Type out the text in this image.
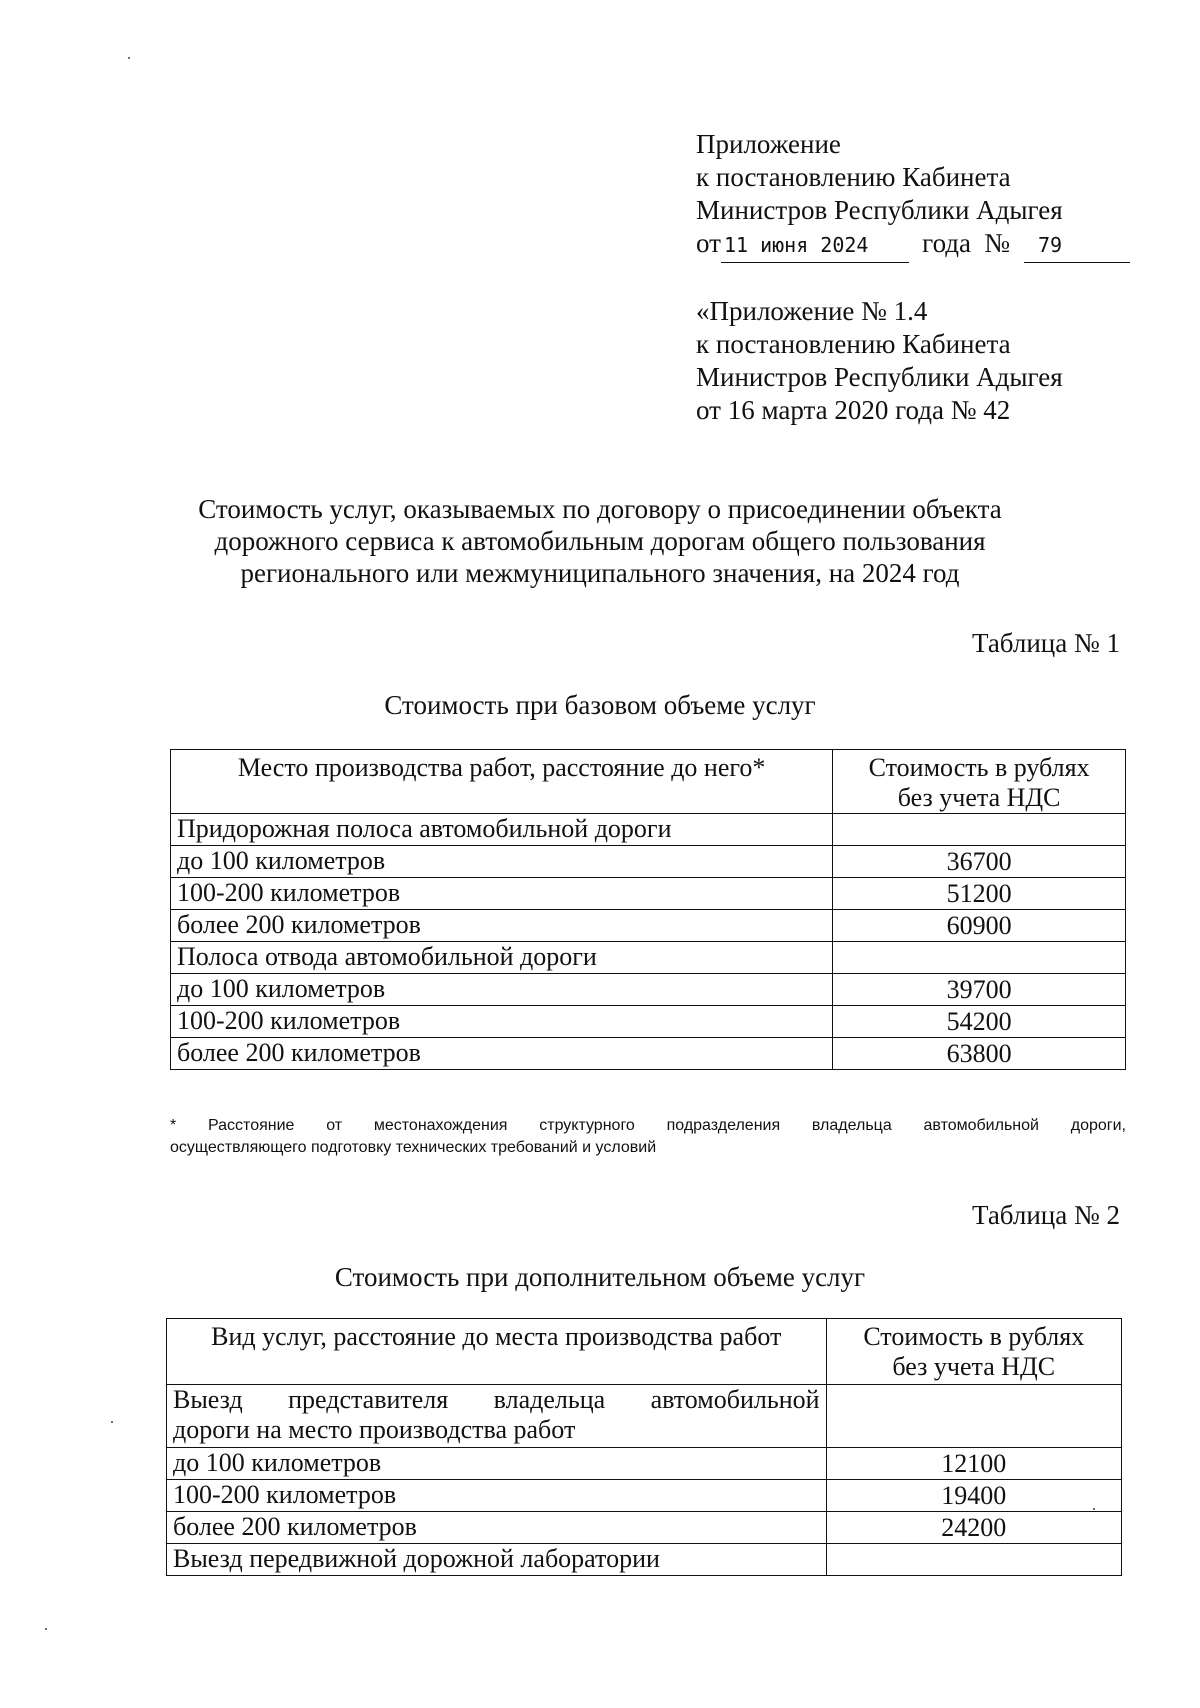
Приложение
к постановлению Кабинета
Министров Республики Адыгея
от 11 июня 2024	года №	79
«Приложение № 1.4
к постановлению Кабинета
Министров Республики Адыгея
от 16 марта 2020 года № 42
Стоимость услуг, оказываемых по договору о присоединении объекта
дорожного сервиса к автомобильным дорогам общего пользования
регионального или межмуниципального значения, на 2024 год
Таблица № 1
Стоимость при базовом объеме услуг
Место производства работ, расстояние до него*	Стоимость в рублях
без учета НДС

Придорожная полоса автомобильной дороги	
до 100 километров	36700
100-200 километров	51200
более 200 километров	60900
Полоса отвода автомобильной дороги	
до 100 километров	39700
100-200 километров	54200
более 200 километров	63800
* Расстояние от местонахождения структурного подразделения владельца автомобильной дороги,
осуществляющего подготовку технических требований и условий
Таблица № 2
Стоимость при дополнительном объеме услуг
Вид услуг, расстояние до места производства работ	Стоимость в рублях
без учета НДС

Выезд представителя владельца автомобильной
дороги на место производства работ	

до 100 километров	12100
100-200 километров	19400
более 200 километров	24200
Выезд передвижной дорожной лаборатории	
